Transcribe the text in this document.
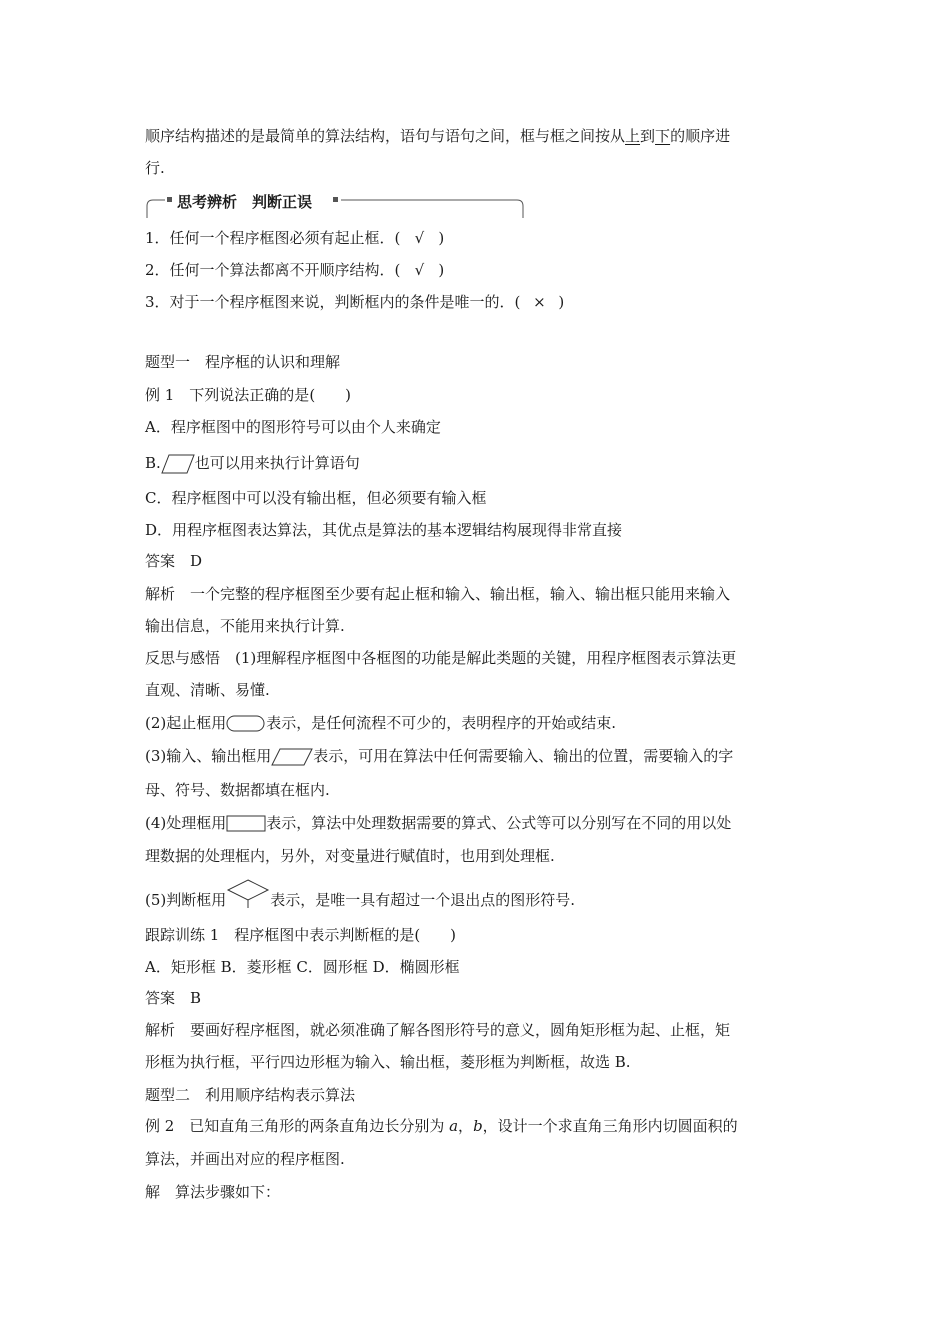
顺序结构描述的是最简单的算法结构，语句与语句之间，框与框之间按从上到下的顺序进
行.
思考辨析　判断正误
1．任何一个程序框图必须有起止框．( √ )
2．任何一个算法都离不开顺序结构．( √ )
3．对于一个程序框图来说，判断框内的条件是唯一的．( × )
题型一　程序框的认识和理解
例 1　下列说法正确的是(　　)
A．程序框图中的图形符号可以由个人来确定
B. 也可以用来执行计算语句
C．程序框图中可以没有输出框，但必须要有输入框
D．用程序框图表达算法，其优点是算法的基本逻辑结构展现得非常直接
答案　D
解析　一个完整的程序框图至少要有起止框和输入、输出框，输入、输出框只能用来输入
输出信息，不能用来执行计算.
反思与感悟　(1)理解程序框图中各框图的功能是解此类题的关键，用程序框图表示算法更
直观、清晰、易懂.
(2)起止框用	表示，是任何流程不可少的，表明程序的开始或结束.
(3)输入、输出框用	表示，可用在算法中任何需要输入、输出的位置，需要输入的字
母、符号、数据都填在框内.
(4)处理框用	表示，算法中处理数据需要的算式、公式等可以分别写在不同的用以处
理数据的处理框内，另外，对变量进行赋值时，也用到处理框.
(5)判断框用	表示，是唯一具有超过一个退出点的图形符号.
跟踪训练 1　程序框图中表示判断框的是(　　)
A．矩形框 B．菱形框 C．圆形框 D．椭圆形框
答案　B
解析　要画好程序框图，就必须准确了解各图形符号的意义，圆角矩形框为起、止框，矩
形框为执行框，平行四边形框为输入、输出框，菱形框为判断框，故选 B.
题型二　利用顺序结构表示算法
例 2　已知直角三角形的两条直角边长分别为 a，b，设计一个求直角三角形内切圆面积的
算法，并画出对应的程序框图.
解　算法步骤如下：
